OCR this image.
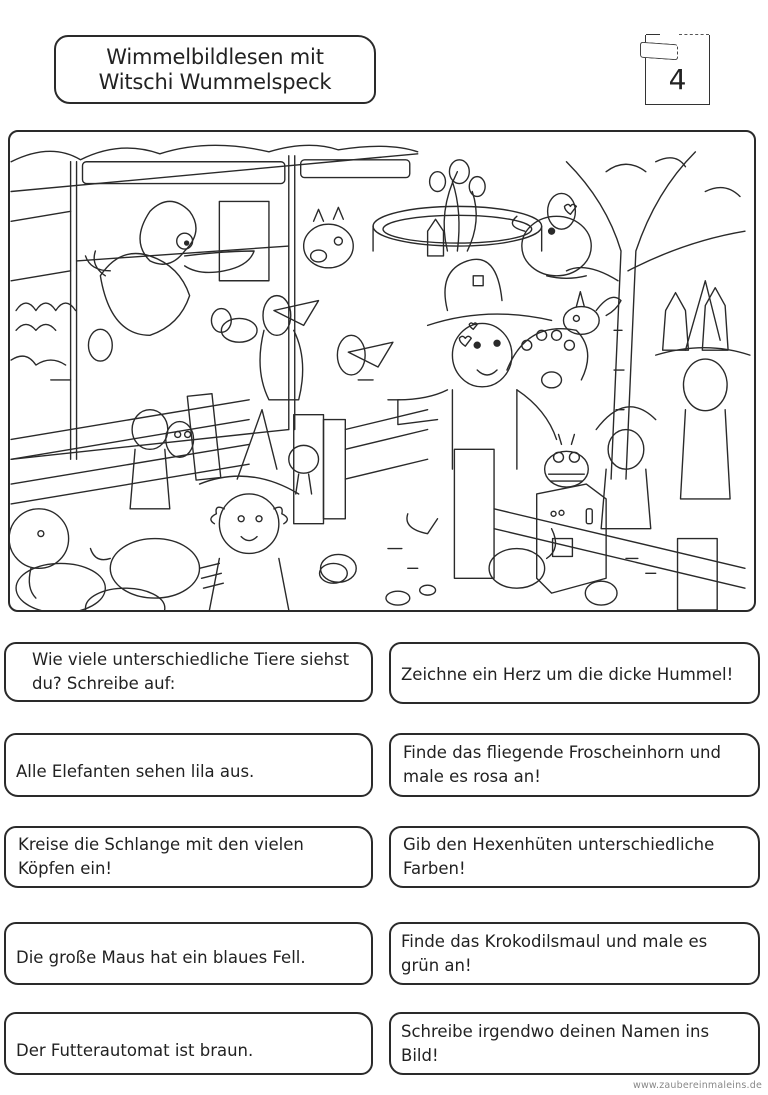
Wimmelbildlesen mit
Witschi Wummelspeck	4
Wie viele unterschiedliche Tiere siehst
du? Schreibe auf:
Alle Elefanten sehen lila aus.
Kreise die Schlange mit den vielen
Köpfen ein!
Die große Maus hat ein blaues Fell.
Der Futterautomat ist braun.
Zeichne ein Herz um die dicke Hummel!
Finde das fliegende Froscheinhorn und
male es rosa an!
Gib den Hexenhüten unterschiedliche
Farben!
Finde das Krokodilsmaul und male es
grün an!
Schreibe irgendwo deinen Namen ins
Bild!
www.zaubereinmaleins.de
